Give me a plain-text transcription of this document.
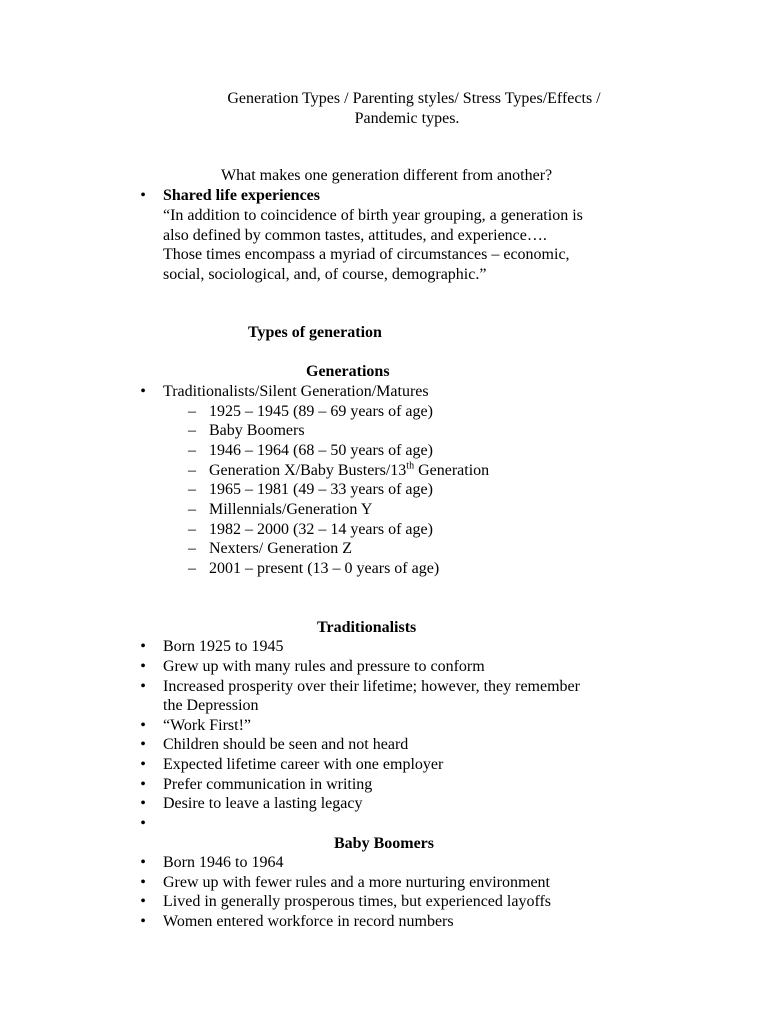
Generation Types / Parenting styles/ Stress Types/Effects /
Pandemic types.
What makes one generation different from another?
• Shared life experiences
“In addition to coincidence of birth year grouping, a generation is
also defined by common tastes, attitudes, and experience….
Those times encompass a myriad of circumstances – economic,
social, sociological, and, of course, demographic.”
Types of generation
Generations
• Traditionalists/Silent Generation/Matures
– 1925 – 1945 (89 – 69 years of age)
– Baby Boomers
– 1946 – 1964 (68 – 50 years of age)
– Generation X/Baby Busters/13th Generation
– 1965 – 1981 (49 – 33 years of age)
– Millennials/Generation Y
– 1982 – 2000 (32 – 14 years of age)
– Nexters/ Generation Z
– 2001 – present (13 – 0 years of age)
Traditionalists
• Born 1925 to 1945
• Grew up with many rules and pressure to conform
• Increased prosperity over their lifetime; however, they remember
the Depression
• “Work First!”
• Children should be seen and not heard
• Expected lifetime career with one employer
• Prefer communication in writing
• Desire to leave a lasting legacy
•
Baby Boomers
• Born 1946 to 1964
• Grew up with fewer rules and a more nurturing environment
• Lived in generally prosperous times, but experienced layoffs
• Women entered workforce in record numbers
